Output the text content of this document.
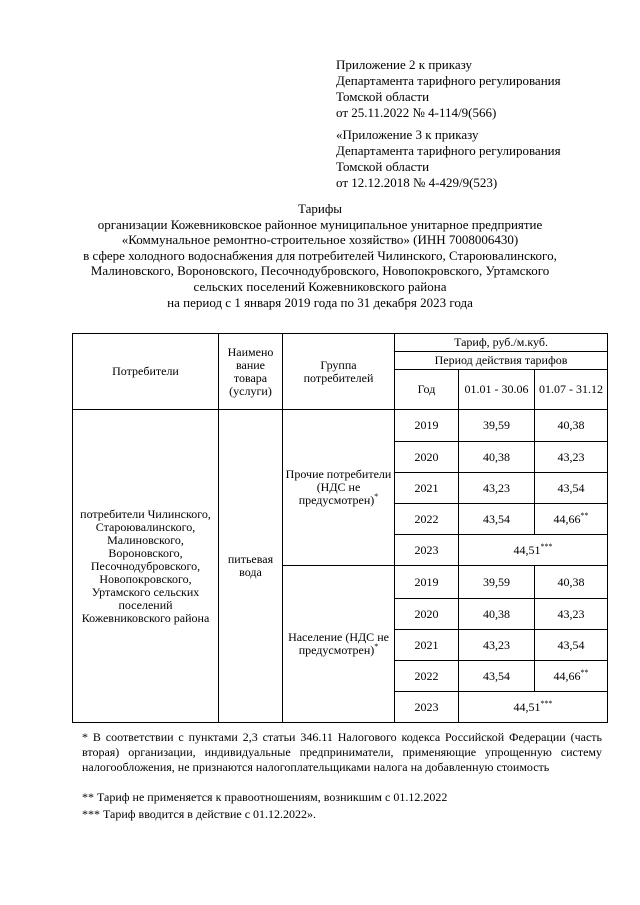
Приложение 2 к приказу
Департамента тарифного регулирования
Томской области
от 25.11.2022 № 4-114/9(566)
«Приложение 3 к приказу
Департамента тарифного регулирования
Томской области
от 12.12.2018 № 4-429/9(523)
Тарифы
организации Кожевниковское районное муниципальное унитарное предприятие
«Коммунальное ремонтно-строительное хозяйство» (ИНН 7008006430)
в сфере холодного водоснабжения для потребителей Чилинского, Староювалинского,
Малиновского, Вороновского, Песочнодубровского, Новопокровского, Уртамского
сельских поселений Кожевниковского района
на период с 1 января 2019 года по 31 декабря 2023 года
Потребители	Наимено вание товара (услуги)	Группа потребителей	Тариф, руб./м.куб.		
			Период действия тарифов		
			Год	01.01 - 30.06	01.07 - 31.12
потребители Чилинского, Староювалинского, Малиновского, Вороновского, Песочнодубровского, Новопокровского, Уртамского сельских поселений Кожевниковского района	питьевая вода	Прочие потребители (НДС не предусмотрен)*	2019	39,59	40,38
			2020	40,38	43,23
			2021	43,23	43,54
			2022	43,54	44,66**
			2023	44,51***
		Население (НДС не предусмотрен)*	2019	39,59	40,38
			2020	40,38	43,23
			2021	43,23	43,54
			2022	43,54	44,66**
			2023	44,51***
* В соответствии с пунктами 2,3 статьи 346.11 Налогового кодекса Российской Федерации (часть вторая) организации, индивидуальные предприниматели, применяющие упрощенную систему налогообложения, не признаются налогоплательщиками налога на добавленную стоимость
** Тариф не применяется к правоотношениям, возникшим с 01.12.2022
*** Тариф вводится в действие с 01.12.2022».
